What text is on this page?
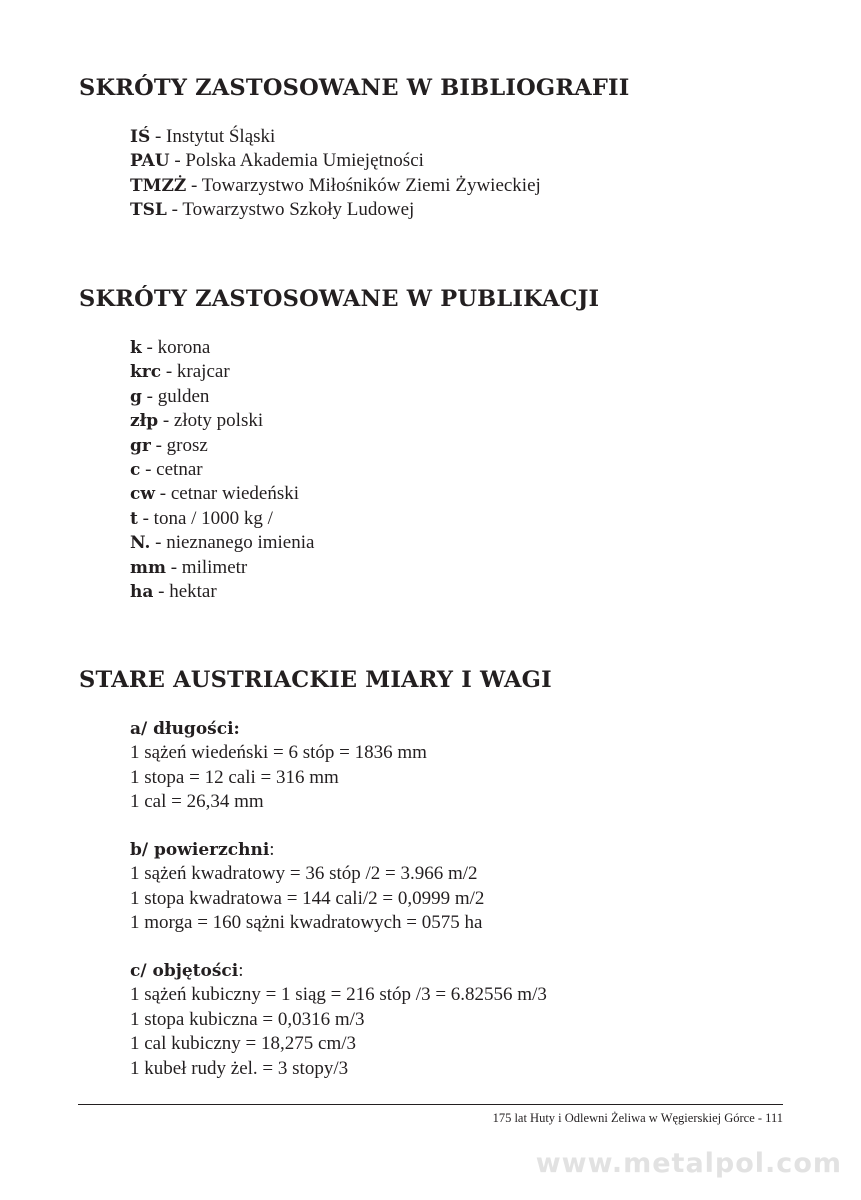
SKRÓTY ZASTOSOWANE W BIBLIOGRAFII
IŚ - Instytut Śląski
PAU - Polska Akademia Umiejętności
TMZŻ - Towarzystwo Miłośników Ziemi Żywieckiej
TSL - Towarzystwo Szkoły Ludowej
SKRÓTY ZASTOSOWANE W PUBLIKACJI
k - korona
krc - krajcar
g - gulden
złp - złoty polski
gr - grosz
c - cetnar
cw - cetnar wiedeński
t - tona / 1000 kg /
N. - nieznanego imienia
mm - milimetr
ha - hektar
STARE AUSTRIACKIE MIARY I WAGI
a/ długości:
1 sążeń wiedeński = 6 stóp = 1836 mm
1 stopa = 12 cali = 316 mm
1 cal = 26,34 mm
b/ powierzchni:
1 sążeń kwadratowy = 36 stóp /2 = 3.966 m/2
1 stopa kwadratowa = 144 cali/2 = 0,0999 m/2
1 morga = 160 sążni kwadratowych = 0575 ha
c/ objętości:
1 sążeń kubiczny = 1 siąg = 216 stóp /3 = 6.82556 m/3
1 stopa kubiczna = 0,0316 m/3
1 cal kubiczny = 18,275 cm/3
1 kubeł rudy żel. = 3 stopy/3
175 lat Huty i Odlewni Żeliwa w Węgierskiej Górce - 111
www.metalpol.com
